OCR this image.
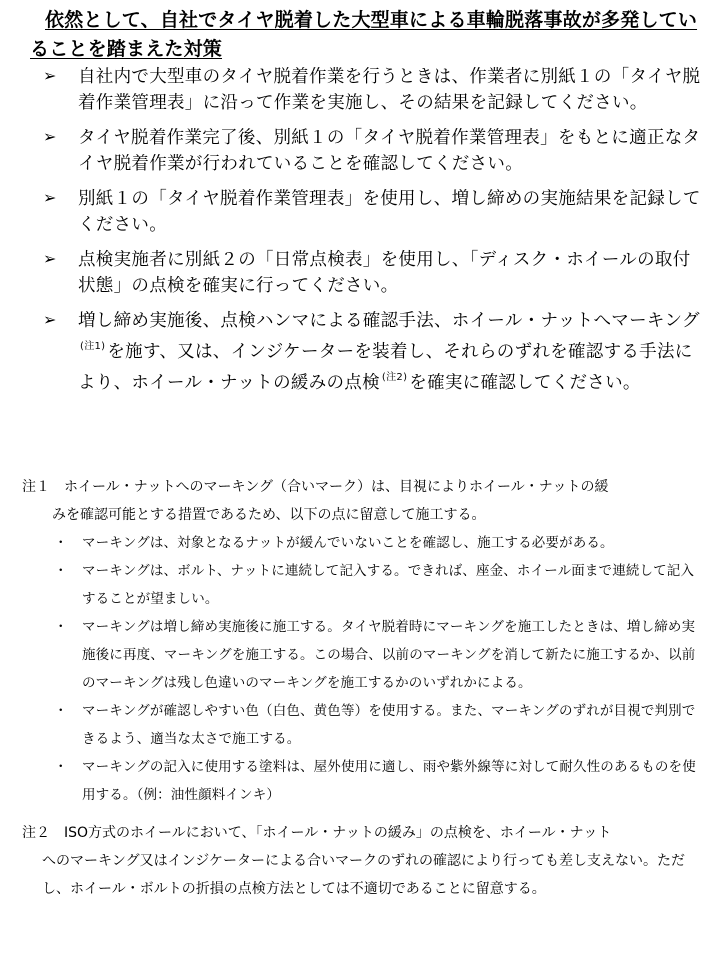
依然として、自社でタイヤ脱着した大型車による車輪脱落事故が多発していることを踏まえた対策

➢ 自社内で大型車のタイヤ脱着作業を行うときは、作業者に別紙１の「タイヤ脱着作業管理表」に沿って作業を実施し、その結果を記録してください。
➢ タイヤ脱着作業完了後、別紙１の「タイヤ脱着作業管理表」をもとに適正なタイヤ脱着作業が行われていることを確認してください。
➢ 別紙１の「タイヤ脱着作業管理表」を使用し、増し締めの実施結果を記録してください。
➢ 点検実施者に別紙２の「日常点検表」を使用し、「ディスク・ホイールの取付状態」の点検を確実に行ってください。
➢ 増し締め実施後、点検ハンマによる確認手法、ホイール・ナットへマーキング$^{(注1)}$ を施す、又は、インジケーターを装着し、それらのずれを確認する手法により、ホイール・ナットの緩みの点検 $^{(注2)}$ を確実に確認してください。

注１	ホイール・ナットへのマーキング（合いマーク）は、目視によりホイール・ナットの緩

みを確認可能とする措置であるため、以下の点に留意して施工する。

・ マーキングは、対象となるナットが緩んでいないことを確認し、施工する必要がある。

・ マーキングは、ボルト、ナットに連続して記入する。できれば、座金、ホイール面まで連続して記入することが望ましい。

・ マーキングは増し締め実施後に施工する。タイヤ脱着時にマーキングを施工したときは、増し締め実施後に再度、マーキングを施工する。この場合、以前のマーキングを消して新たに施工するか、以前のマーキングは残し色違いのマーキングを施工するかのいずれかによる。

・ マーキングが確認しやすい色（白色、黄色等）を使用する。また、マーキングのずれが目視で判別できるよう、適当な太さで施工する。

・ マーキングの記入に使用する塗料は、屋外使用に適し、雨や紫外線等に対して耐久性のあるものを使用する。（例：油性顔料インキ）

注２	ISO方式のホイールにおいて、「ホイール・ナットの緩み」の点検を、ホイール・ナット

へのマーキング又はインジケーターによる合いマークのずれの確認により行っても差し支えない。ただし、ホイール・ボルトの折損の点検方法としては不適切であることに留意する。
